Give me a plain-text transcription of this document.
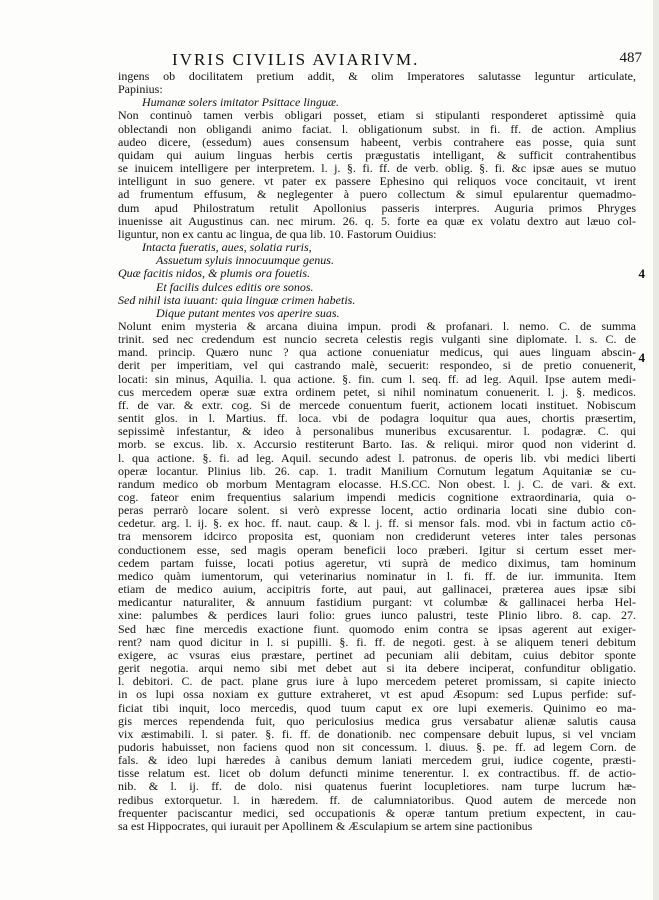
IVRIS CIVILIS AVIARIVM.	487
4
4
ingens ob docilitatem pretium addit, & olim Imperatores salutasse leguntur articulate,
Papinius:
Humanæ solers imitator Psittace linguæ.
Non continuò tamen verbis obligari posset, etiam si stipulanti responderet aptissimè quia
oblectandi non obligandi animo faciat. l. obligationum subst. in fi. ff. de action. Amplius
audeo dicere, (essedum) aues consensum habeent, verbis contrahere eas posse, quia sunt
quidam qui auium linguas herbis certis prægustatis intelligant, & sufficit contrahentibus
se inuicem intelligere per interpretem. l. j. §. fi. ff. de verb. oblig. §. fi. &c ipsæ aues se mutuo
intelligunt in suo genere. vt pater ex passere Ephesino qui reliquos voce concitauit, vt irent
ad frumentum effusum, & neglegenter à puero collectum & simul epularentur quemadmo-
dum apud Philostratum retulit Apollonius passeris interpres. Auguria primos Phryges
inuenisse ait Augustinus can. nec mirum. 26. q. 5. forte ea quæ ex volatu dextro aut læuo col-
liguntur, non ex cantu ac lingua, de qua lib. 10. Fastorum Ouidius:
Intacta fueratis, aues, solatia ruris,
Assuetum syluis innocuumque genus.
Quæ facitis nidos, & plumis ora fouetis.
Et facilis dulces editis ore sonos.
Sed nihil ista iuuant: quia linguæ crimen habetis.
Dique putant mentes vos aperire suas.
Nolunt enim mysteria & arcana diuina impun. prodi & profanari. l. nemo. C. de summa
trinit. sed nec credendum est nuncio secreta celestis regis vulganti sine diplomate. l. s. C. de
mand. princip. Quæro nunc ? qua actione conueniatur medicus, qui aues linguam abscin-
derit per imperitiam, vel qui castrando malè, secuerit: respondeo, si de pretio conuenerit,
locati: sin minus, Aquilia. l. qua actione. §. fin. cum l. seq. ff. ad leg. Aquil. Ipse autem medi-
cus mercedem operæ suæ extra ordinem petet, si nihil nominatum conuenerit. l. j. §. medicos.
ff. de var. & extr. cog. Si de mercede conuentum fuerit, actionem locati instituet. Nobiscum
sentit glos. in l. Martius. ff. loca. vbi de podagra loquitur qua aues, chortis præsertim,
sepissimè infestantur, & ideo à personalibus muneribus excusarentur. l. podagræ. C. qui
morb. se excus. lib. x. Accursio restiterunt Barto. Ias. & reliqui. miror quod non viderint d.
l. qua actione. §. fi. ad leg. Aquil. secundo adest l. patronus. de operis lib. vbi medici liberti
operæ locantur. Plinius lib. 26. cap. 1. tradit Manilium Cornutum legatum Aquitaniæ se cu-
randum medico ob morbum Mentagram elocasse. H.S.CC. Non obest. l. j. C. de vari. & ext.
cog. fateor enim frequentius salarium impendi medicis cognitione extraordinaria, quia o-
peras perrarò locare solent. si verò expresse locent, actio ordinaria locati sine dubio con-
cedetur. arg. l. ij. §. ex hoc. ff. naut. caup. & l. j. ff. si mensor fals. mod. vbi in factum actio cō-
tra mensorem idcirco proposita est, quoniam non crediderunt veteres inter tales personas
conductionem esse, sed magis operam beneficii loco præberi. Igitur si certum esset mer-
cedem partam fuisse, locati potius ageretur, vti suprà de medico diximus, tam hominum
medico quàm iumentorum, qui veterinarius nominatur in l. fi. ff. de iur. immunita. Item
etiam de medico auium, accipitris forte, aut paui, aut gallinacei, præterea aues ipsæ sibi
medicantur naturaliter, & annuum fastidium purgant: vt columbæ & gallinacei herba Hel-
xine: palumbes & perdices lauri folio: grues iunco palustri, teste Plinio libro. 8. cap. 27.
Sed hæc fine mercedis exactione fiunt. quomodo enim contra se ipsas agerent aut exiger-
rent? nam quod dicitur in l. si pupilli. §. fi. ff. de negoti. gest. à se aliquem teneri debitum
exigere, ac vsuras eius præstare, pertinet ad pecuniam alii debitam, cuius debitor sponte
gerit negotia. arqui nemo sibi met debet aut si ita debere inciperat, confunditur obligatio.
l. debitori. C. de pact. plane grus iure à lupo mercedem peteret promissam, si capite iniecto
in os lupi ossa noxiam ex gutture extraheret, vt est apud Æsopum: sed Lupus perfide: suf-
ficiat tibi inquit, loco mercedis, quod tuum caput ex ore lupi exemeris. Quinimo eo ma-
gis merces rependenda fuit, quo periculosius medica grus versabatur alienæ salutis causa
vix æstimabili. l. si pater. §. fi. ff. de donationib. nec compensare debuit lupus, si vel vnciam
pudoris habuisset, non faciens quod non sit concessum. l. diuus. §. pe. ff. ad legem Corn. de
fals. & ideo lupi hæredes à canibus demum laniati mercedem grui, iudice cogente, præsti-
tisse relatum est. licet ob dolum defuncti minime tenerentur. l. ex contractibus. ff. de actio-
nib. & l. ij. ff. de dolo. nisi quatenus fuerint locupletiores. nam turpe lucrum hæ-
redibus extorquetur. l. in hæredem. ff. de calumniatoribus. Quod autem de mercede non
frequenter paciscantur medici, sed occupationis & operæ tantum pretium expectent, in cau-
sa est Hippocrates, qui iurauit per Apollinem & Æsculapium se artem sine pactionibus
